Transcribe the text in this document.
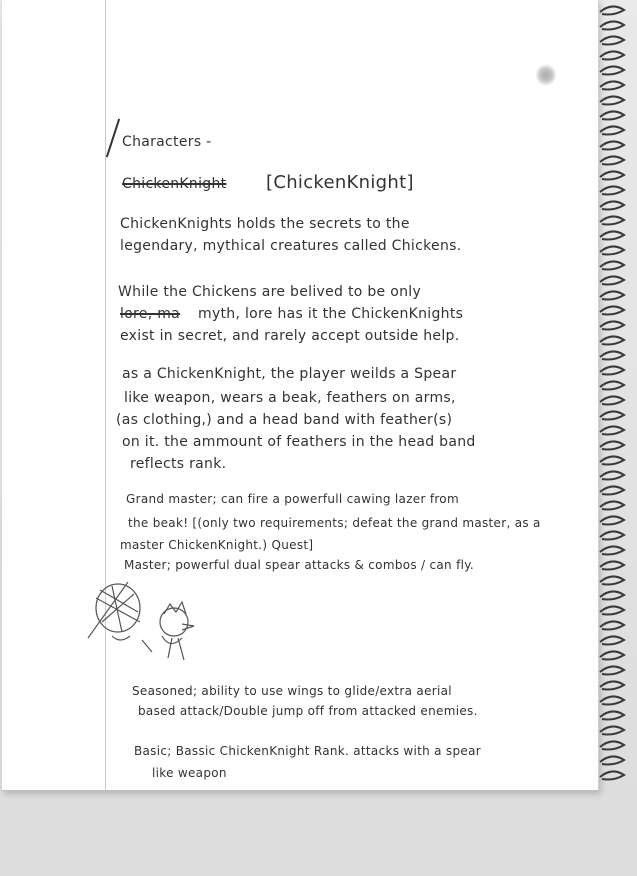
Characters -
ChickenKnight [ChickenKnight]
ChickenKnights holds the secrets to the
legendary, mythical creatures called Chickens.
While the Chickens are belived to be only
lore, ma myth, lore has it the ChickenKnights
exist in secret, and rarely accept outside help.
as a ChickenKnight, the player weilds a Spear
like weapon, wears a beak, feathers on arms,
(as clothing,) and a head band with feather(s)
on it. the ammount of feathers in the head band
reflects rank.
Grand master; can fire a powerfull cawing lazer from
the beak! [(only two requirements; defeat the grand master, as a
master ChickenKnight.) Quest]
Master; powerful dual spear attacks & combos / can fly.
Seasoned; ability to use wings to glide/extra aerial
based attack/Double jump off from attacked enemies.
Basic; Bassic ChickenKnight Rank. attacks with a spear
like weapon
